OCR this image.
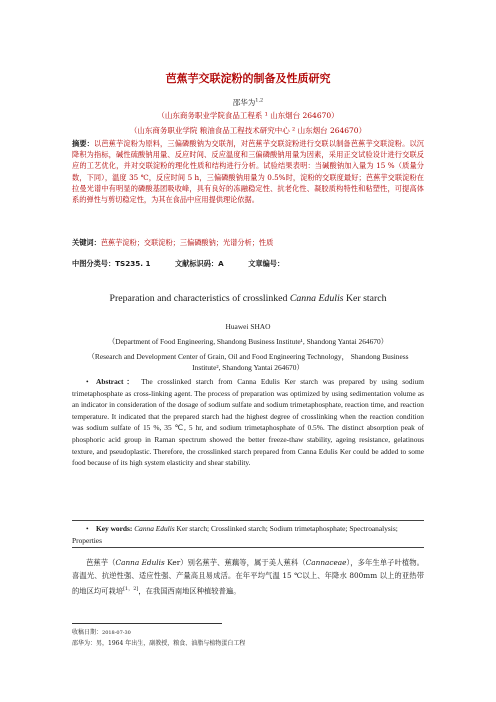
芭蕉芋交联淀粉的制备及性质研究
邵华为$^{1,2}$
（山东商务职业学院食品工程系 ¹ 山东烟台 264670）
（山东商务职业学院 粮油食品工程技术研究中心 ² 山东烟台 264670）
摘要：以芭蕉芋淀粉为原料，三偏磷酸钠为交联剂，对芭蕉芋交联淀粉进行交联以制备芭蕉芋交联淀粉。以沉降积为指标，碱性硫酸钠用量、反应时间、反应温度和三偏磷酸钠用量为因素，采用正交试验设计进行交联反应的工艺优化，并对交联淀粉的理化性质和结构进行分析。试验结果表明：当碱酸钠加入量为 15 %（质量分数，下同），温度 35 ℃，反应时间 5 h，三偏磷酸钠用量为 0.5%时，淀粉的交联度最好；芭蕉芋交联淀粉在拉曼光谱中有明显的磷酸基团吸收峰，具有良好的冻融稳定性、抗老化性、凝胶质构特性和粘塑性，可提高体系的弹性与剪切稳定性，为其在食品中应用提供理论依据。
关键词：芭蕉芋淀粉；交联淀粉；三偏磷酸钠；光谱分析；性质
中图分类号：TS235. 1	文献标识码：A	文章编号：
Preparation and characteristics of crosslinked Canna Edulis Ker starch
Huawei SHAO
（Department of Food Engineering, Shandong Business Institute¹, Shandong Yantai 264670）
（Research and Development Center of Grain, Oil and Food Engineering Technology， Shandong Business Institute², Shandong Yantai 264670）
• Abstract： The crosslinked starch from Canna Edulis Ker starch was prepared by using sodium trimetaphosphate as cross-linking agent. The process of preparation was optimized by using sedimentation volume as an indicator in consideration of the dosage of sodium sulfate and sodium trimetaphosphate, reaction time, and reaction temperature. It indicated that the prepared starch had the highest degree of crosslinking when the reaction condition was sodium sulfate of 15 %, 35 ℃, 5 hr, and sodium trimetaphosphate of 0.5%. The distinct absorption peak of phosphoric acid group in Raman spectrum showed the better freeze-thaw stability, ageing resistance, gelatinous texture, and pseudoplastic. Therefore, the crosslinked starch prepared from Canna Edulis Ker could be added to some food because of its high system elasticity and shear stability.
• Key words: Canna Edulis Ker starch; Crosslinked starch; Sodium trimetaphosphate; Spectroanalysis; Properties
芭蕉芋（Canna Edulis Ker）别名蕉芋、蕉藕等，属于美人蕉科（Cannaceae），多年生单子叶植物。喜温光、抗逆性强、适应性强、产量高且易成活。在年平均气温 15 ℃以上、年降水 800mm 以上的亚热带的地区均可栽培[1，2]，在我国西南地区种植较普遍。
收稿日期：2018-07-30
邵华为：男，1964 年出生，副教授，粮食、油脂与植物蛋白工程
